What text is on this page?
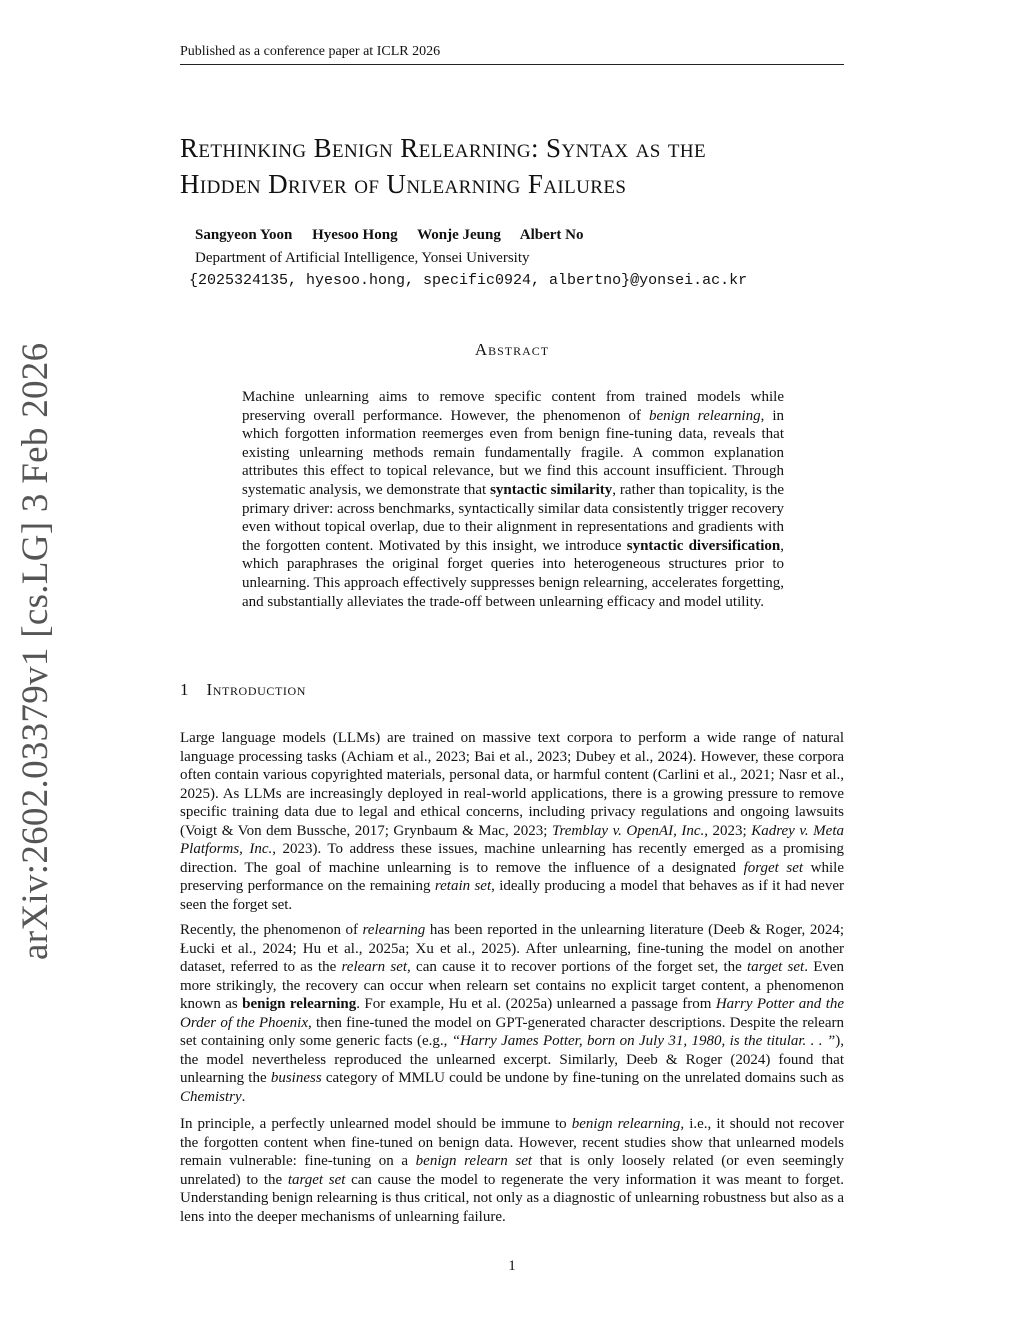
Published as a conference paper at ICLR 2026
Rethinking Benign Relearning: Syntax as the
Hidden Driver of Unlearning Failures
Sangyeon Yoon Hyesoo Hong Wonje Jeung Albert No
Department of Artificial Intelligence, Yonsei University
{2025324135, hyesoo.hong, specific0924, albertno}@yonsei.ac.kr
Abstract

Machine unlearning aims to remove specific content from trained models while preserving overall performance. However, the phenomenon of benign relearning, in which forgotten information reemerges even from benign fine-tuning data, reveals that existing unlearning methods remain fundamentally fragile. A common explanation attributes this effect to topical relevance, but we find this account insufficient. Through systematic analysis, we demonstrate that syntactic similarity, rather than topicality, is the primary driver: across benchmarks, syntactically similar data consistently trigger recovery even without topical overlap, due to their alignment in representations and gradients with the forgotten content. Motivated by this insight, we introduce syntactic diversification, which paraphrases the original forget queries into heterogeneous structures prior to unlearning. This approach effectively suppresses benign relearning, accelerates forgetting, and substantially alleviates the trade-off between unlearning efficacy and model utility.

arXiv:2602.03379v1 [cs.LG] 3 Feb 2026	1 Introduction

Large language models (LLMs) are trained on massive text corpora to perform a wide range of natural language processing tasks (Achiam et al., 2023; Bai et al., 2023; Dubey et al., 2024). However, these corpora often contain various copyrighted materials, personal data, or harmful content (Carlini et al., 2021; Nasr et al., 2025). As LLMs are increasingly deployed in real-world applications, there is a growing pressure to remove specific training data due to legal and ethical concerns, including privacy regulations and ongoing lawsuits (Voigt & Von dem Bussche, 2017; Grynbaum & Mac, 2023; Tremblay v. OpenAI, Inc., 2023; Kadrey v. Meta Platforms, Inc., 2023). To address these issues, machine unlearning has recently emerged as a promising direction. The goal of machine unlearning is to remove the influence of a designated forget set while preserving performance on the remaining retain set, ideally producing a model that behaves as if it had never seen the forget set.

Recently, the phenomenon of relearning has been reported in the unlearning literature (Deeb & Roger, 2024; Łucki et al., 2024; Hu et al., 2025a; Xu et al., 2025). After unlearning, fine-tuning the model on another dataset, referred to as the relearn set, can cause it to recover portions of the forget set, the target set. Even more strikingly, the recovery can occur when relearn set contains no explicit target content, a phenomenon known as benign relearning. For example, Hu et al. (2025a) unlearned a passage from Harry Potter and the Order of the Phoenix, then fine-tuned the model on GPT-generated character descriptions. Despite the relearn set containing only some generic facts (e.g., “Harry James Potter, born on July 31, 1980, is the titular. . . ”), the model nevertheless reproduced the unlearned excerpt. Similarly, Deeb & Roger (2024) found that unlearning the business category of MMLU could be undone by fine-tuning on the unrelated domains such as Chemistry.

In principle, a perfectly unlearned model should be immune to benign relearning, i.e., it should not recover the forgotten content when fine-tuned on benign data. However, recent studies show that unlearned models remain vulnerable: fine-tuning on a benign relearn set that is only loosely related (or even seemingly unrelated) to the target set can cause the model to regenerate the very information it was meant to forget. Understanding benign relearning is thus critical, not only as a diagnostic of unlearning robustness but also as a lens into the deeper mechanisms of unlearning failure.

1
